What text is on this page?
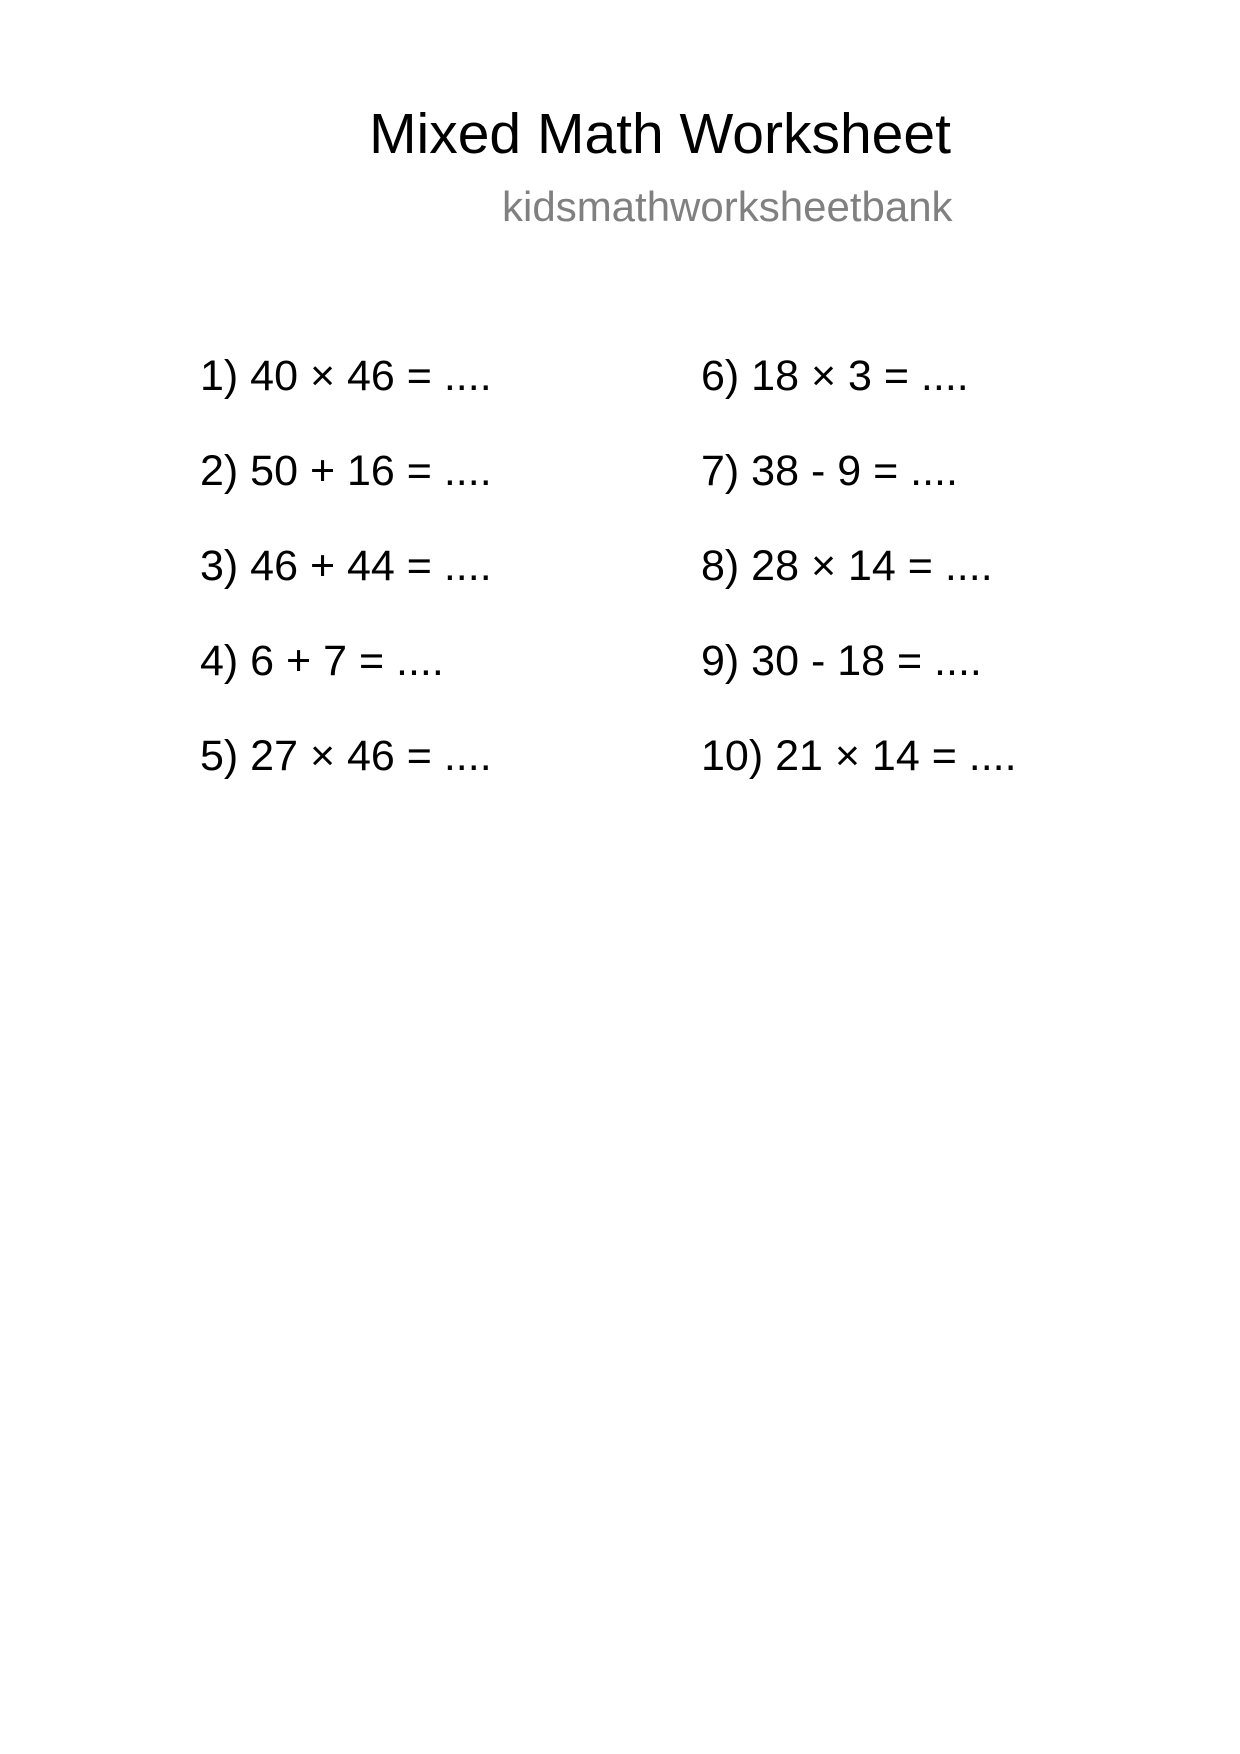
Mixed Math Worksheet
kidsmathworksheetbank
1) 40 × 46 = ....
2) 50 + 16 = ....
3) 46 + 44 = ....
4) 6 + 7 = ....
5) 27 × 46 = ....
6) 18 × 3 = ....
7) 38 - 9 = ....
8) 28 × 14 = ....
9) 30 - 18 = ....
10) 21 × 14 = ....
